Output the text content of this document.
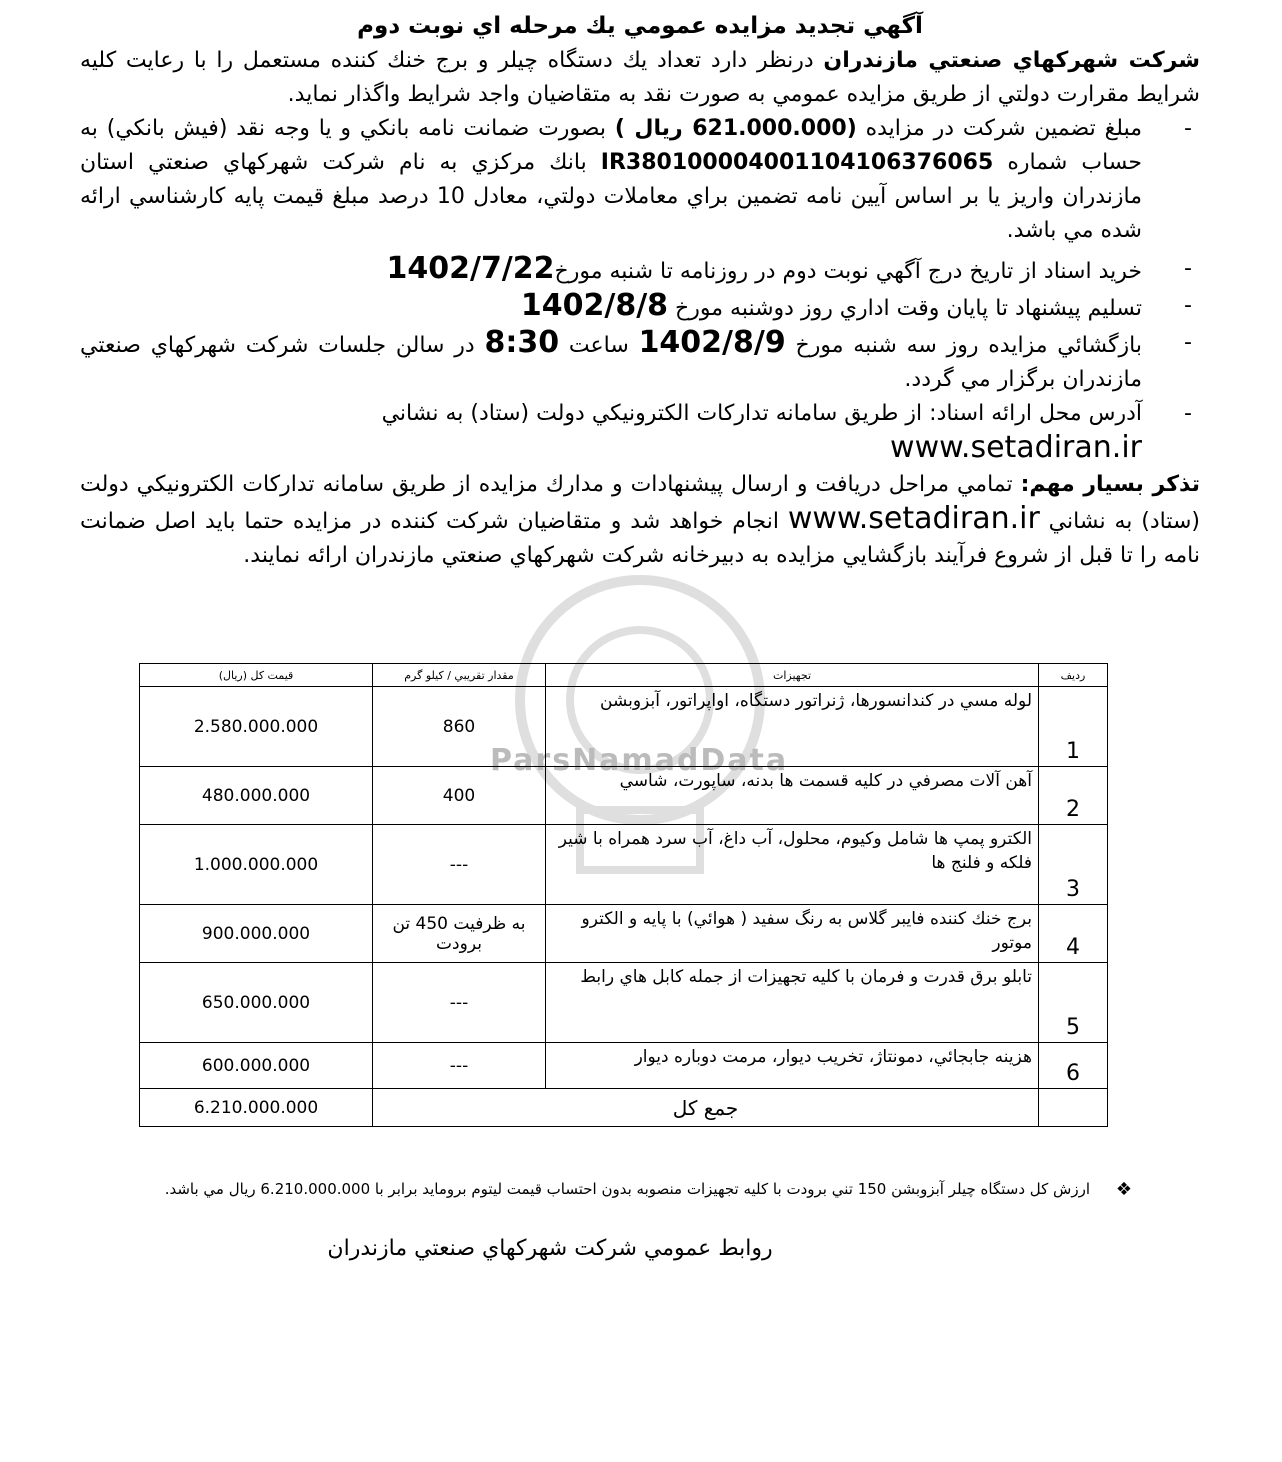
ParsNamadData
آگهي تجديد مزايده عمومي يك مرحله اي نوبت دوم

شركت شهركهاي صنعتي مازندران درنظر دارد تعداد يك دستگاه چيلر و برج خنك كننده مستعمل را با رعايت كليه شرايط مقرارت دولتي از طريق مزايده عمومي به صورت نقد به متقاضيان واجد شرايط واگذار نمايد.

-
مبلغ تضمين شركت در مزايده (621.000.000 ريال ) بصورت ضمانت نامه بانكي و يا وجه نقد (فيش بانكي) به حساب شماره IR380100004001104106376065 بانك مركزي به نام شركت شهركهاي صنعتي استان مازندران واريز يا بر اساس آيين نامه تضمين براي معاملات دولتي، معادل 10 درصد مبلغ قيمت پايه كارشناسي ارائه شده مي باشد.
-
خريد اسناد از تاريخ درج آگهي نوبت دوم در روزنامه تا شنبه مورخ1402/7/22
-
تسليم پيشنهاد تا پايان وقت اداري روز دوشنبه مورخ 1402/8/8
-
بازگشائي مزايده روز سه شنبه مورخ 1402/8/9 ساعت 8:30 در سالن جلسات شركت شهركهاي صنعتي مازندران برگزار مي گردد.
-
آدرس محل ارائه اسناد: از طريق سامانه تداركات الكترونيكي دولت (ستاد) به نشاني
www.setadiran.ir

تذكر بسيار مهم: تمامي مراحل دريافت و ارسال پيشنهادات و مدارك مزايده از طريق سامانه تداركات الكترونيكي دولت (ستاد) به نشاني www.setadiran.ir انجام خواهد شد و متقاضيان شركت كننده در مزايده حتما بايد اصل ضمانت نامه را تا قبل از شروع فرآيند بازگشايي مزايده به دبيرخانه شركت شهركهاي صنعتي مازندران ارائه نمايند.

رديف	تجهيزات	مقدار تقريبي / كيلو گرم	قيمت كل (ريال)
1	لوله مسي در كندانسورها، ژنراتور دستگاه، اواپراتور، آبزوبشن	860	2.580.000.000
2	آهن آلات مصرفي در كليه قسمت ها بدنه، ساپورت، شاسي	400	480.000.000
3	الكترو پمپ ها شامل وكيوم، محلول، آب داغ، آب سرد همراه با شير فلكه و فلنج ها	---	1.000.000.000
4	برج خنك كننده فايبر گلاس به رنگ سفيد ( هوائي) با پايه و الكترو موتور	به ظرفيت 450 تن برودت	900.000.000
5	تابلو برق قدرت و فرمان با كليه تجهيزات از جمله كابل هاي رابط	---	650.000.000
6	هزينه جابجائي، دمونتاژ، تخريب ديوار، مرمت دوباره ديوار	---	600.000.000
	جمع كل		6.210.000.000
❖
ارزش كل دستگاه چيلر آبزوبشن 150 تني برودت با كليه تجهيزات منصوبه بدون احتساب قيمت ليتوم برومايد برابر با 6.210.000.000 ريال مي باشد.
روابط عمومي شركت شهركهاي صنعتي مازندران
